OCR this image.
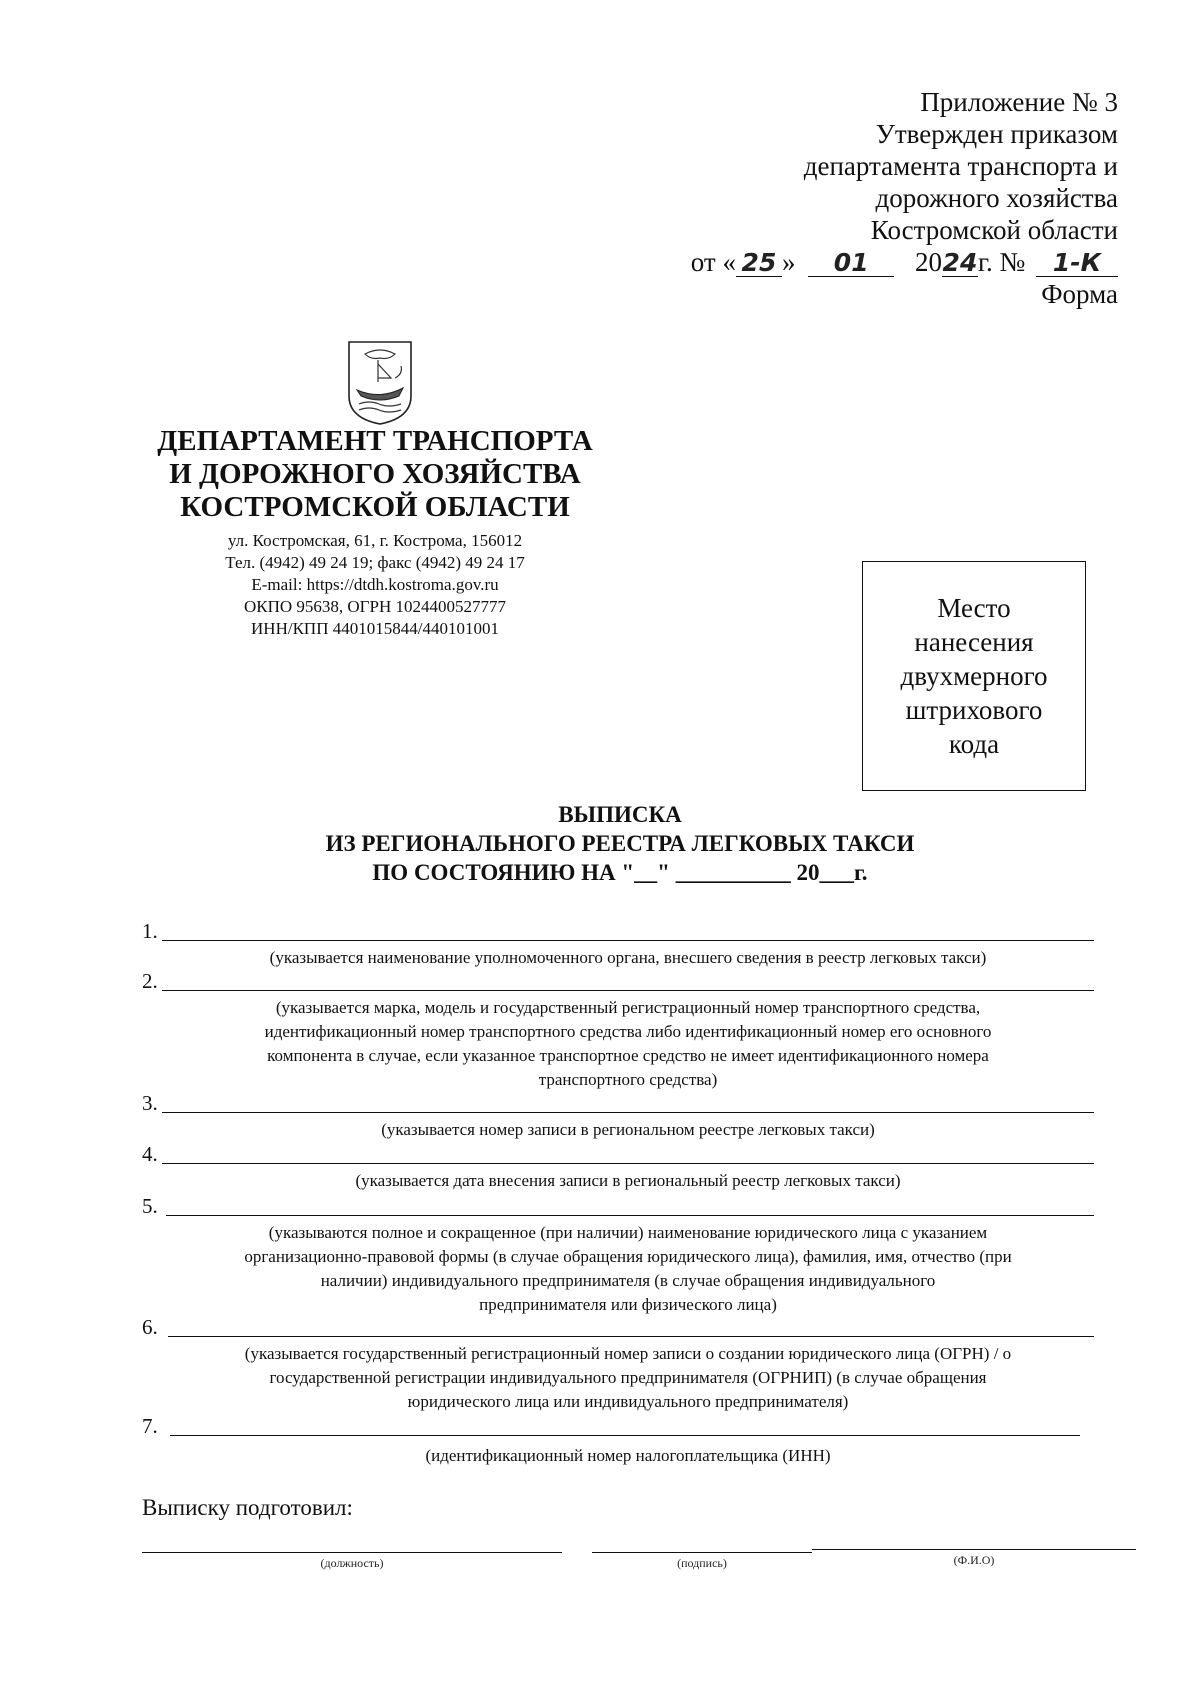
Приложение № 3
Утвержден приказом
департамента транспорта и
дорожного хозяйства
Костромской области
от « 25 » 01 2024г. № 1-К
Форма
ДЕПАРТАМЕНТ ТРАНСПОРТА
И ДОРОЖНОГО ХОЗЯЙСТВА
КОСТРОМСКОЙ ОБЛАСТИ
ул. Костромская, 61, г. Кострома, 156012
Тел. (4942) 49 24 19; факс (4942) 49 24 17
E-mail: https://dtdh.kostroma.gov.ru
ОКПО 95638, ОГРН 1024400527777
ИНН/КПП 4401015844/440101001
Место
нанесения
двухмерного
штрихового
кода
ВЫПИСКА
ИЗ РЕГИОНАЛЬНОГО РЕЕСТРА ЛЕГКОВЫХ ТАКСИ
ПО СОСТОЯНИЮ НА "__" __________ 20___г.
1.
(указывается наименование уполномоченного органа, внесшего сведения в реестр легковых такси)
2.
(указывается марка, модель и государственный регистрационный номер транспортного средства,
идентификационный номер транспортного средства либо идентификационный номер его основного
компонента в случае, если указанное транспортное средство не имеет идентификационного номера
транспортного средства)
3.
(указывается номер записи в региональном реестре легковых такси)
4.
(указывается дата внесения записи в региональный реестр легковых такси)
5.
(указываются полное и сокращенное (при наличии) наименование юридического лица с указанием
организационно-правовой формы (в случае обращения юридического лица), фамилия, имя, отчество (при
наличии) индивидуального предпринимателя (в случае обращения индивидуального
предпринимателя или физического лица)
6.
(указывается государственный регистрационный номер записи о создании юридического лица (ОГРН) / о
государственной регистрации индивидуального предпринимателя (ОГРНИП) (в случае обращения
юридического лица или индивидуального предпринимателя)
7.
(идентификационный номер налогоплательщика (ИНН)
Выписку подготовил:
(должность)	(подпись)	(Ф.И.О)
